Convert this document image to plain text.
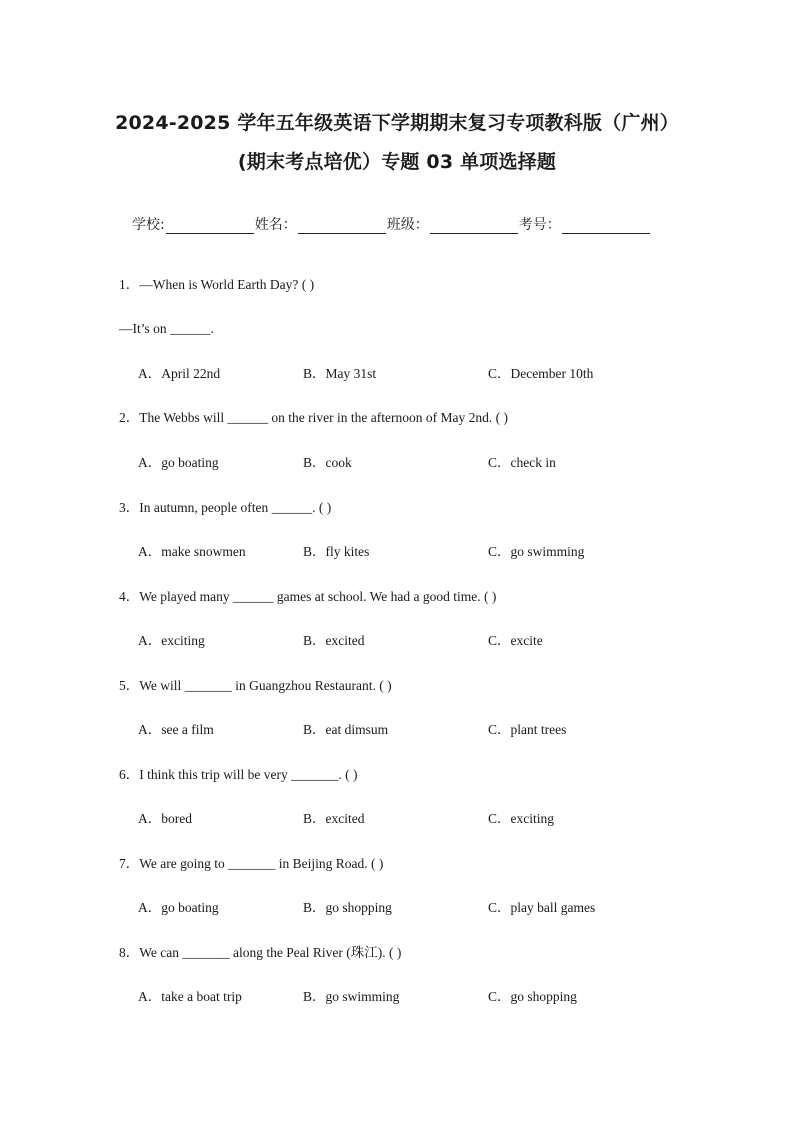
2024-2025 学年五年级英语下学期期末复习专项教科版（广州）
(期末考点培优）专题 03 单项选择题
学校:	姓名：	班级：	考号：
1．—When is World Earth Day? ( )
—It’s on ______.
A．April 22nd	B．May 31st	C．December 10th
2．The Webbs will ______ on the river in the afternoon of May 2nd. ( )
A．go boating	B．cook	C．check in
3．In autumn, people often ______. ( )
A．make snowmen	B．fly kites	C．go swimming
4．We played many ______ games at school. We had a good time. ( )
A．exciting	B．excited	C．excite
5．We will _______ in Guangzhou Restaurant. ( )
A．see a film	B．eat dimsum	C．plant trees
6．I think this trip will be very _______. ( )
A．bored	B．excited	C．exciting
7．We are going to _______ in Beijing Road. ( )
A．go boating	B．go shopping	C．play ball games
8．We can _______ along the Peal River (珠江). ( )
A．take a boat trip	B．go swimming	C．go shopping
